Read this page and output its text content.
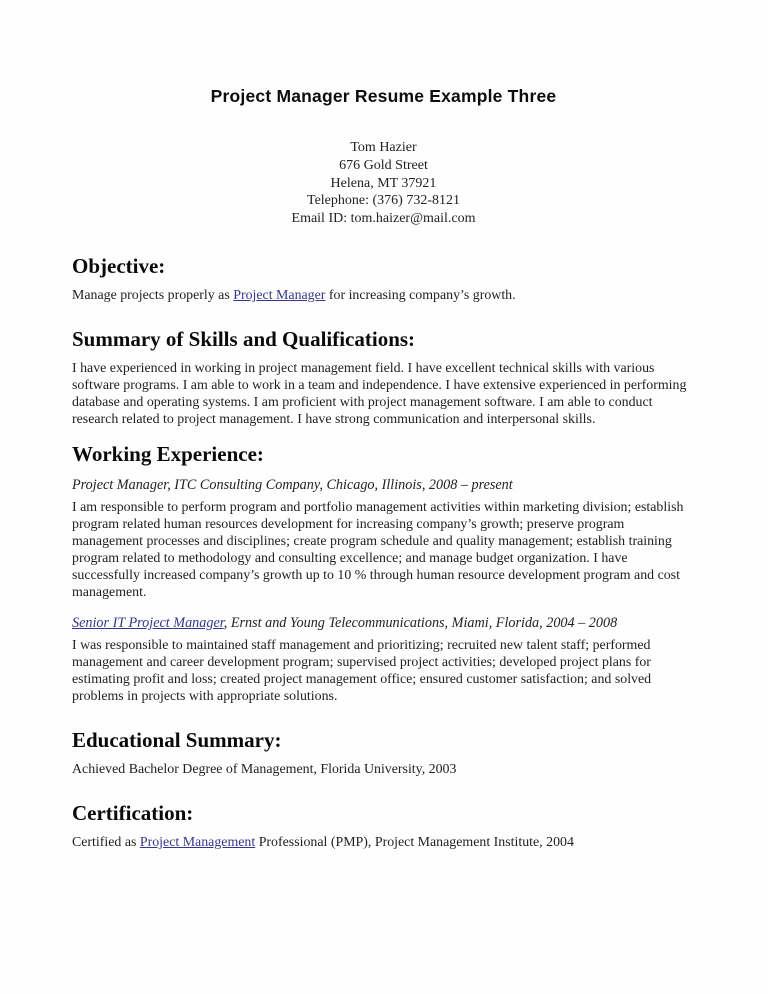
Project Manager Resume Example Three
Tom Hazier
676 Gold Street
Helena, MT 37921
Telephone: (376) 732-8121
Email ID: tom.haizer@mail.com
Objective:

Manage projects properly as Project Manager for increasing company’s growth.

Summary of Skills and Qualifications:

I have experienced in working in project management field. I have excellent technical skills with various software programs. I am able to work in a team and independence. I have extensive experienced in performing database and operating systems. I am proficient with project management software. I am able to conduct research related to project management. I have strong communication and interpersonal skills.

Working Experience:

Project Manager, ITC Consulting Company, Chicago, Illinois, 2008 – present

I am responsible to perform program and portfolio management activities within marketing division; establish program related human resources development for increasing company’s growth; preserve program management processes and disciplines; create program schedule and quality management; establish training program related to methodology and consulting excellence; and manage budget organization. I have successfully increased company’s growth up to 10 % through human resource development program and cost management.

Senior IT Project Manager, Ernst and Young Telecommunications, Miami, Florida, 2004 – 2008

I was responsible to maintained staff management and prioritizing; recruited new talent staff; performed management and career development program; supervised project activities; developed project plans for estimating profit and loss; created project management office; ensured customer satisfaction; and solved problems in projects with appropriate solutions.

Educational Summary:

Achieved Bachelor Degree of Management, Florida University, 2003

Certification:

Certified as Project Management Professional (PMP), Project Management Institute, 2004
